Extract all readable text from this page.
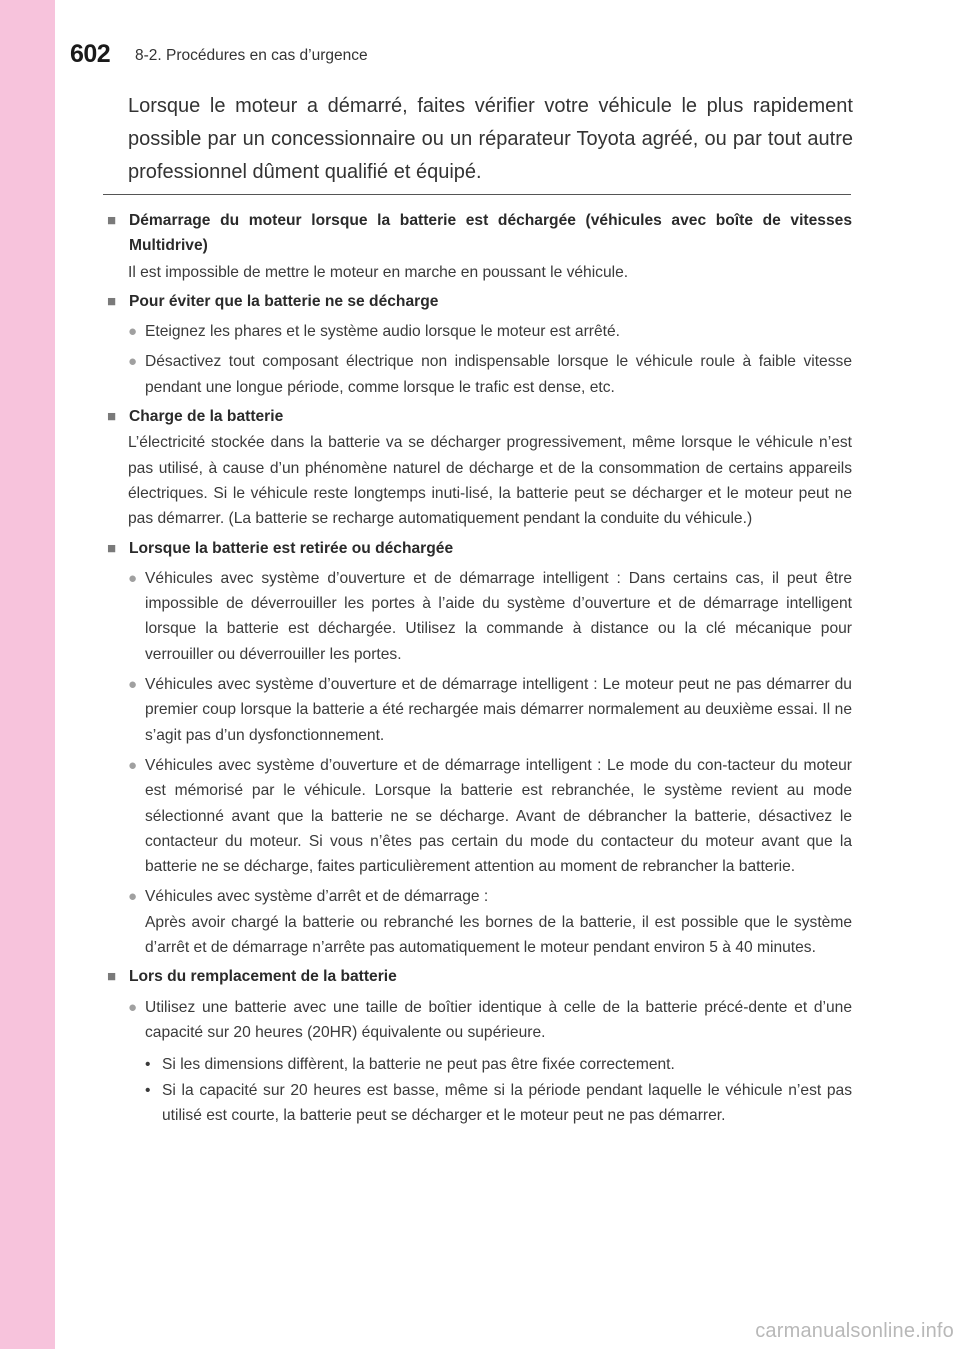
602 8-2. Procédures en cas d’urgence

Lorsque le moteur a démarré, faites vérifier votre véhicule le plus rapidement possible par un concessionnaire ou un réparateur Toyota agréé, ou par tout autre professionnel dûment qualifié et équipé.

■ Démarrage du moteur lorsque la batterie est déchargée (véhicules avec boîte de vitesses Multidrive)
Il est impossible de mettre le moteur en marche en poussant le véhicule.
■ Pour éviter que la batterie ne se décharge
● Eteignez les phares et le système audio lorsque le moteur est arrêté.
● Désactivez tout composant électrique non indispensable lorsque le véhicule roule à faible vitesse pendant une longue période, comme lorsque le trafic est dense, etc.
■ Charge de la batterie
L’électricité stockée dans la batterie va se décharger progressivement, même lorsque le véhicule n’est pas utilisé, à cause d’un phénomène naturel de décharge et de la consommation de certains appareils électriques. Si le véhicule reste longtemps inuti-lisé, la batterie peut se décharger et le moteur peut ne pas démarrer. (La batterie se recharge automatiquement pendant la conduite du véhicule.)
■ Lorsque la batterie est retirée ou déchargée
● Véhicules avec système d’ouverture et de démarrage intelligent : Dans certains cas, il peut être impossible de déverrouiller les portes à l’aide du système d’ouverture et de démarrage intelligent lorsque la batterie est déchargée. Utilisez la commande à distance ou la clé mécanique pour verrouiller ou déverrouiller les portes.
● Véhicules avec système d’ouverture et de démarrage intelligent : Le moteur peut ne pas démarrer du premier coup lorsque la batterie a été rechargée mais démarrer normalement au deuxième essai. Il ne s’agit pas d’un dysfonctionnement.
● Véhicules avec système d’ouverture et de démarrage intelligent : Le mode du con-tacteur du moteur est mémorisé par le véhicule. Lorsque la batterie est rebranchée, le système revient au mode sélectionné avant que la batterie ne se décharge. Avant de débrancher la batterie, désactivez le contacteur du moteur. Si vous n’êtes pas certain du mode du contacteur du moteur avant que la batterie ne se décharge, faites particulièrement attention au moment de rebrancher la batterie.
● Véhicules avec système d’arrêt et de démarrage :
Après avoir chargé la batterie ou rebranché les bornes de la batterie, il est possible que le système d’arrêt et de démarrage n’arrête pas automatiquement le moteur pendant environ 5 à 40 minutes.
■ Lors du remplacement de la batterie
● Utilisez une batterie avec une taille de boîtier identique à celle de la batterie précé-dente et d’une capacité sur 20 heures (20HR) équivalente ou supérieure.
• Si les dimensions diffèrent, la batterie ne peut pas être fixée correctement.
• Si la capacité sur 20 heures est basse, même si la période pendant laquelle le véhicule n’est pas utilisé est courte, la batterie peut se décharger et le moteur peut ne pas démarrer.
carmanualsonline.info
